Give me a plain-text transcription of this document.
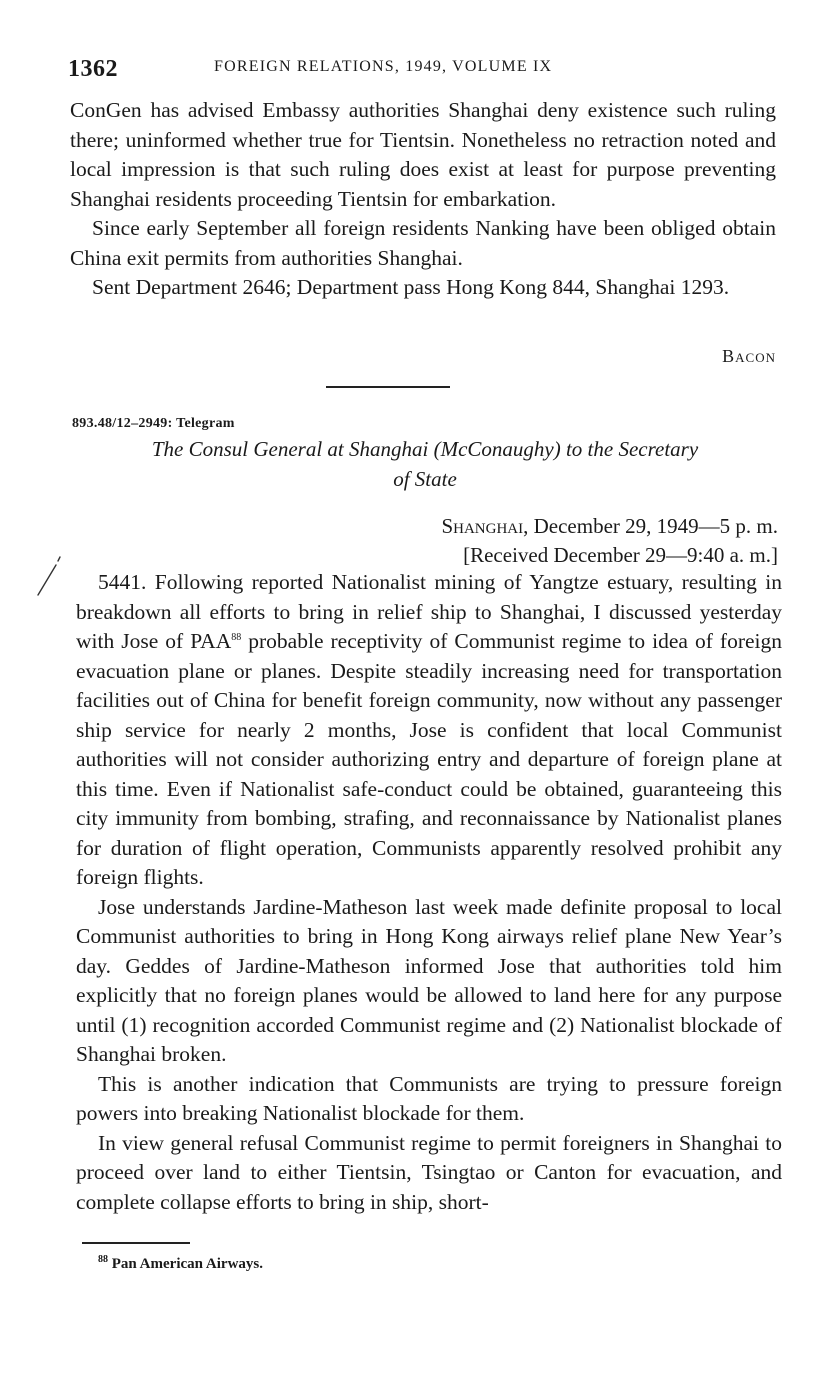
1362	FOREIGN RELATIONS, 1949, VOLUME IX

ConGen has advised Embassy authorities Shanghai deny existence such ruling there; uninformed whether true for Tientsin. Nonetheless no retraction noted and local impression is that such ruling does exist at least for purpose preventing Shanghai residents proceeding Tientsin for embarkation.

Since early September all foreign residents Nanking have been obliged obtain China exit permits from authorities Shanghai.

Sent Department 2646; Department pass Hong Kong 844, Shanghai 1293.

Bacon
893.48/12–2949: Telegram
The Consul General at Shanghai (McConaughy) to the Secretary
of State
Shanghai, December 29, 1949—5 p. m.
[Received December 29—9:40 a. m.]

5441. Following reported Nationalist mining of Yangtze estuary, resulting in breakdown all efforts to bring in relief ship to Shanghai, I discussed yesterday with Jose of PAA$^{88}$ probable receptivity of Communist regime to idea of foreign evacuation plane or planes. Despite steadily increasing need for transportation facilities out of China for benefit foreign community, now without any passenger ship service for nearly 2 months, Jose is confident that local Communist authorities will not consider authorizing entry and departure of foreign plane at this time. Even if Nationalist safe-conduct could be obtained, guaranteeing this city immunity from bombing, strafing, and reconnaissance by Nationalist planes for duration of flight operation, Communists apparently resolved prohibit any foreign flights.

Jose understands Jardine-Matheson last week made definite proposal to local Communist authorities to bring in Hong Kong airways relief plane New Year’s day. Geddes of Jardine-Matheson informed Jose that authorities told him explicitly that no foreign planes would be allowed to land here for any purpose until (1) recognition accorded Communist regime and (2) Nationalist blockade of Shanghai broken.

This is another indication that Communists are trying to pressure foreign powers into breaking Nationalist blockade for them.

In view general refusal Communist regime to permit foreigners in Shanghai to proceed over land to either Tientsin, Tsingtao or Canton for evacuation, and complete collapse efforts to bring in ship, short-

$^{88}$ Pan American Airways.
